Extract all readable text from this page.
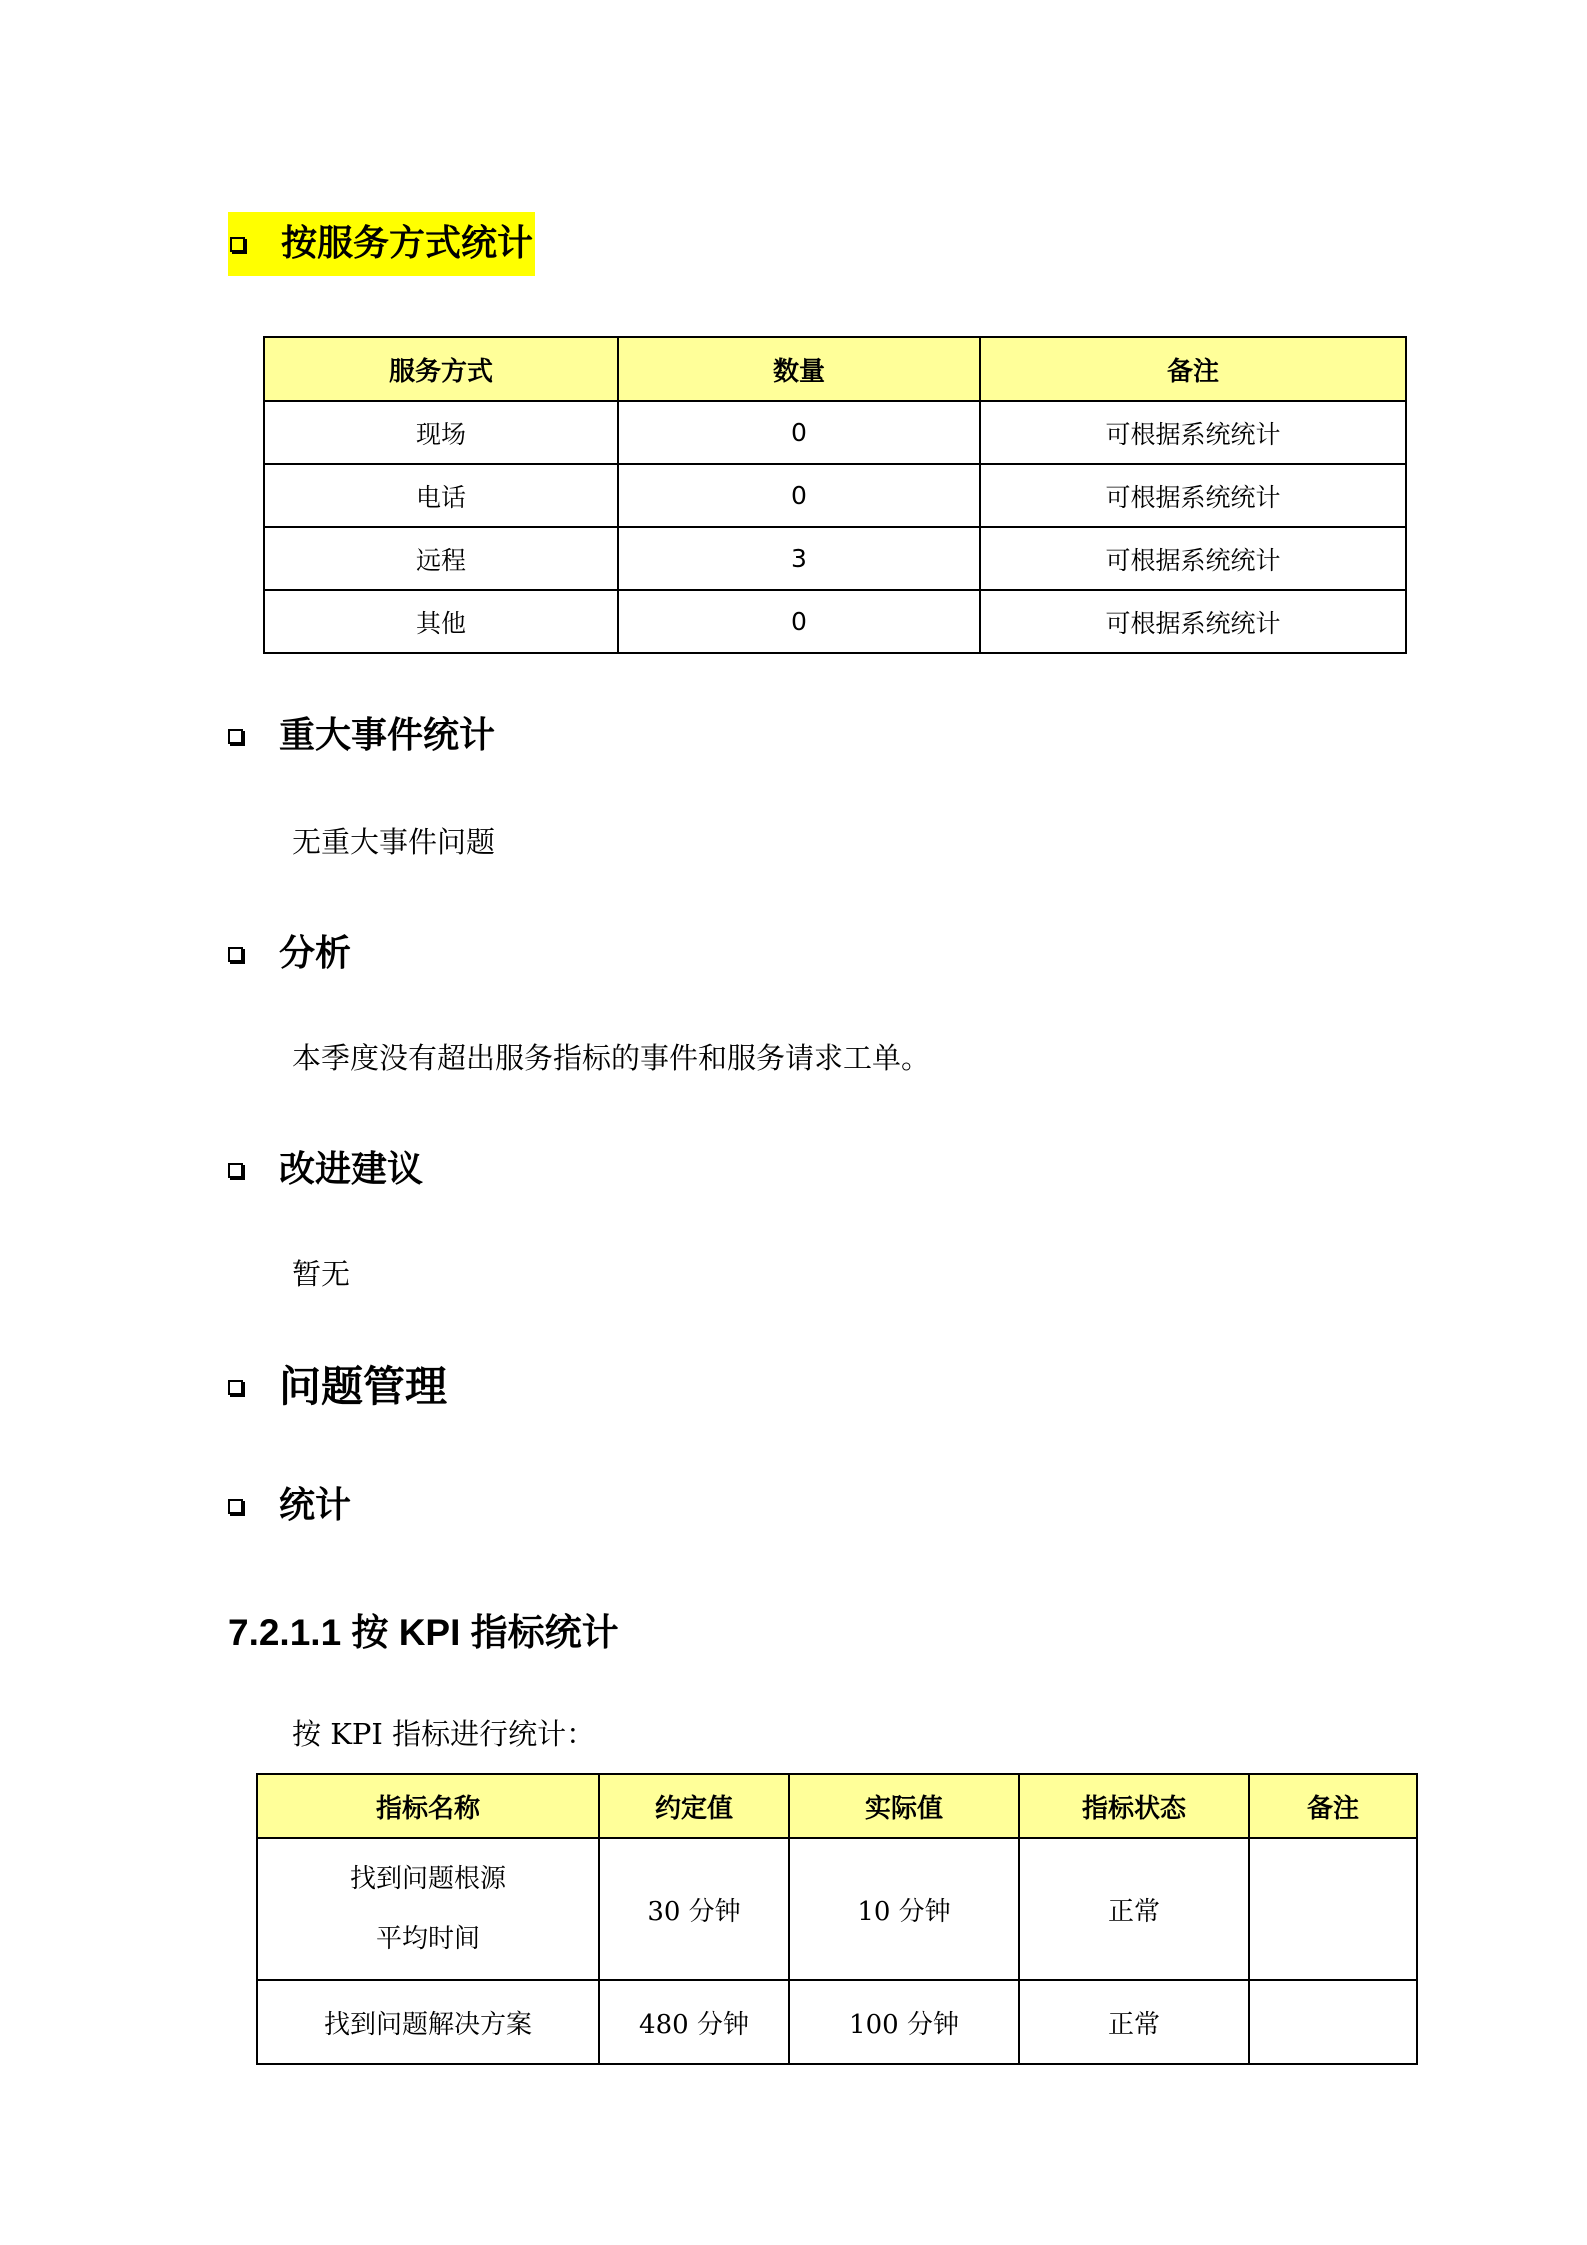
按服务方式统计
服务方式	数量	备注
现场	0	可根据系统统计
电话	0	可根据系统统计
远程	3	可根据系统统计
其他	0	可根据系统统计
重大事件统计
无重大事件问题
分析
本季度没有超出服务指标的事件和服务请求工单。
改进建议
暂无
问题管理
统计
7.2.1.1 按 KPI 指标统计
按 KPI 指标进行统计：
指标名称	约定值	实际值	指标状态	备注

找到问题根源
平均时间	30 分钟	10 分钟	正常	
找到问题解决方案	480 分钟	100 分钟	正常	
